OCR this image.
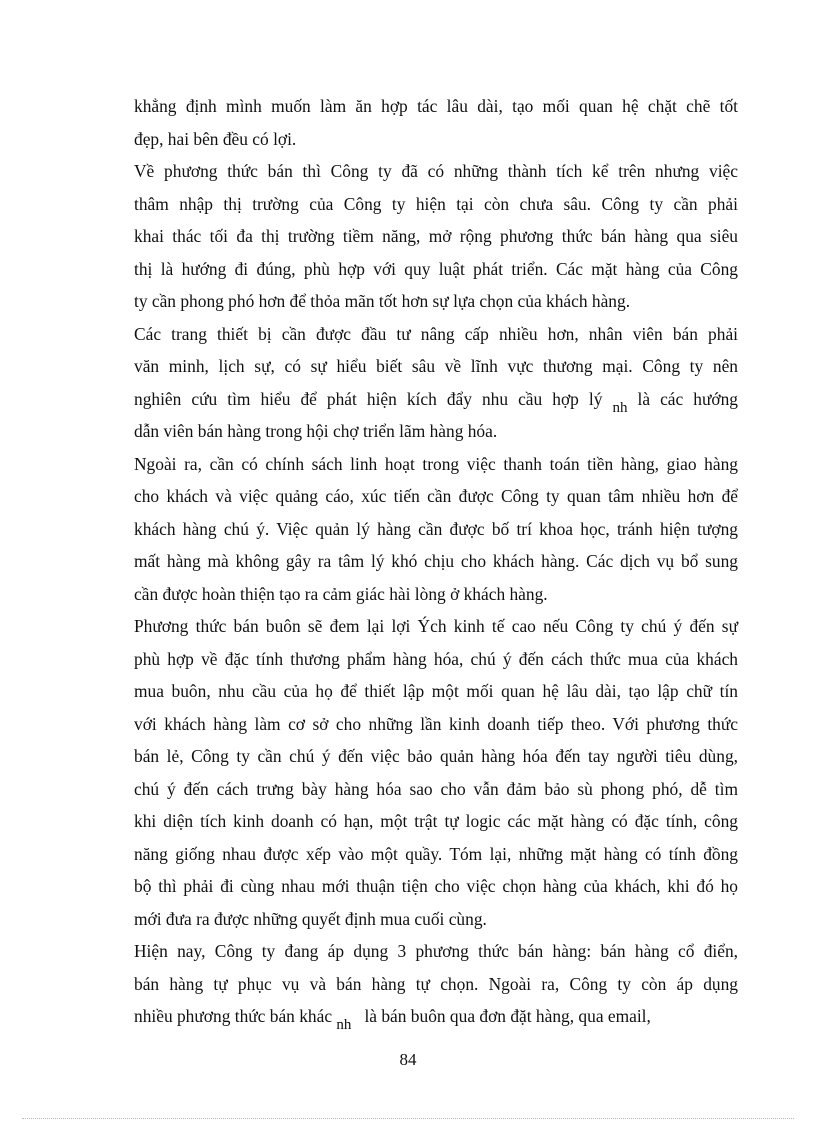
khẳng định mình muốn làm ăn hợp tác lâu dài, tạo mối quan hệ chặt chẽ tốt
đẹp, hai bên đều có lợi.
Về phương thức bán thì Công ty đã có những thành tích kể trên nhưng việc
thâm nhập thị trường của Công ty hiện tại còn chưa sâu. Công ty cần phải
khai thác tối đa thị trường tiềm năng, mở rộng phương thức bán hàng qua siêu
thị là hướng đi đúng, phù hợp với quy luật phát triển. Các mặt hàng của Công
ty cần phong phó hơn để thỏa mãn tốt hơn sự lựa chọn của khách hàng.
Các trang thiết bị cần được đầu tư nâng cấp nhiều hơn, nhân viên bán phải
văn minh, lịch sự, có sự hiểu biết sâu về lĩnh vực thương mại. Công ty nên
nghiên cứu tìm hiểu để phát hiện kích đẩy nhu cầu hợp lý nh là các hướng
dẫn viên bán hàng trong hội chợ triển lãm hàng hóa.
Ngoài ra, cần có chính sách linh hoạt trong việc thanh toán tiền hàng, giao hàng
cho khách và việc quảng cáo, xúc tiến cần được Công ty quan tâm nhiều hơn để
khách hàng chú ý. Việc quản lý hàng cần được bố trí khoa học, tránh hiện tượng
mất hàng mà không gây ra tâm lý khó chịu cho khách hàng. Các dịch vụ bổ sung
cần được hoàn thiện tạo ra cảm giác hài lòng ở khách hàng.
Phương thức bán buôn sẽ đem lại lợi Ých kinh tế cao nếu Công ty chú ý đến sự
phù hợp về đặc tính thương phẩm hàng hóa, chú ý đến cách thức mua của khách
mua buôn, nhu cầu của họ để thiết lập một mối quan hệ lâu dài, tạo lập chữ tín
với khách hàng làm cơ sở cho những lần kinh doanh tiếp theo. Với phương thức
bán lẻ, Công ty cần chú ý đến việc bảo quản hàng hóa đến tay người tiêu dùng,
chú ý đến cách trưng bày hàng hóa sao cho vẫn đảm bảo sù phong phó, dễ tìm
khi diện tích kinh doanh có hạn, một trật tự logic các mặt hàng có đặc tính, công
năng giống nhau được xếp vào một quầy. Tóm lại, những mặt hàng có tính đồng
bộ thì phải đi cùng nhau mới thuận tiện cho việc chọn hàng của khách, khi đó họ
mới đưa ra được những quyết định mua cuối cùng.
Hiện nay, Công ty đang áp dụng 3 phương thức bán hàng: bán hàng cổ điển,
bán hàng tự phục vụ và bán hàng tự chọn. Ngoài ra, Công ty còn áp dụng
nhiều phương thức bán khác nh là bán buôn qua đơn đặt hàng, qua email,
84
